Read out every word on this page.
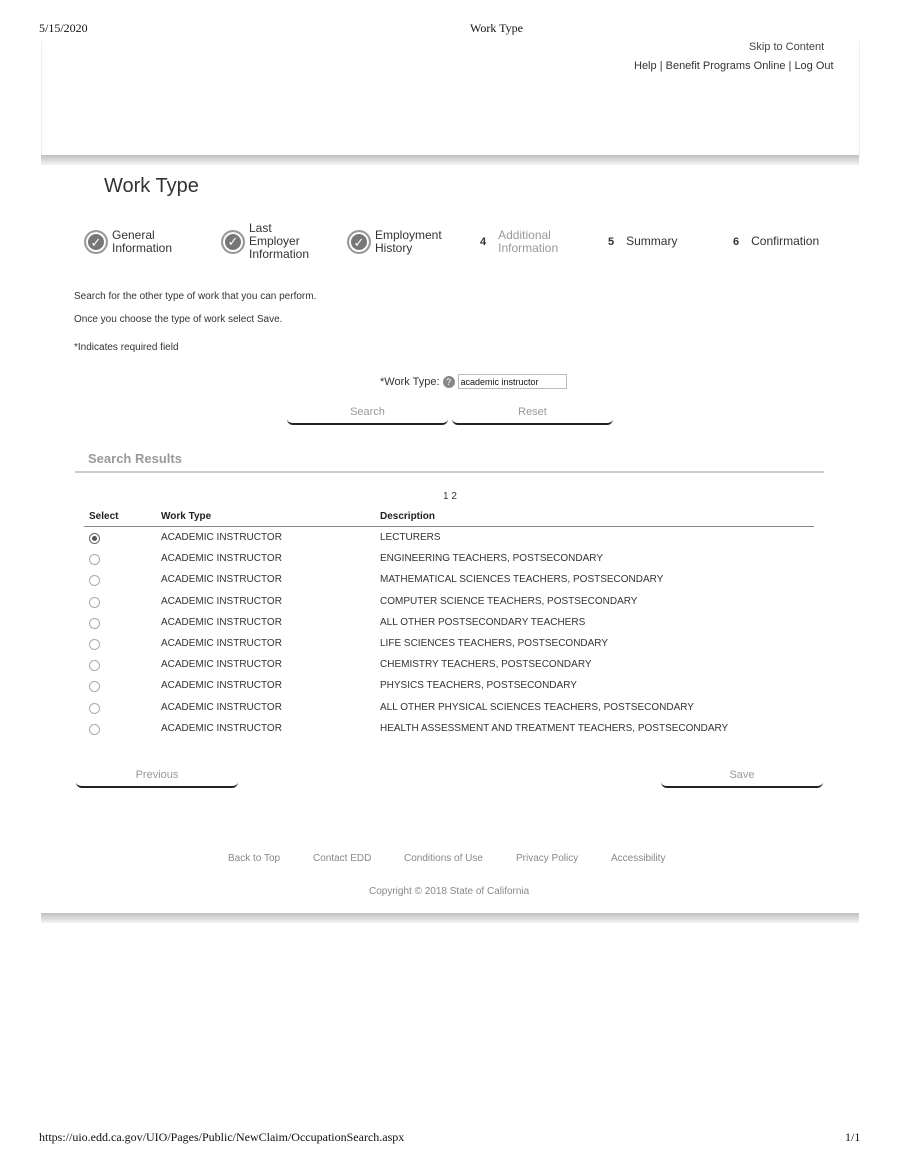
5/15/2020	Work Type
Skip to Content
Help | Benefit Programs Online | Log Out
Work Type
✓ General
Information	✓
Last
Employer
Information
✓ Employment
History	4 Additional
Information	5 Summary	6 Confirmation
Search for the other type of work that you can perform.
Once you choose the type of work select Save.
*Indicates required field
*Work Type: ?
academic instructor
Search	Reset
Search Results
1 2
Select	Work Type	Description
ACADEMIC INSTRUCTOR	LECTURERS
ACADEMIC INSTRUCTOR	ENGINEERING TEACHERS, POSTSECONDARY
ACADEMIC INSTRUCTOR	MATHEMATICAL SCIENCES TEACHERS, POSTSECONDARY
ACADEMIC INSTRUCTOR	COMPUTER SCIENCE TEACHERS, POSTSECONDARY
ACADEMIC INSTRUCTOR	ALL OTHER POSTSECONDARY TEACHERS
ACADEMIC INSTRUCTOR	LIFE SCIENCES TEACHERS, POSTSECONDARY
ACADEMIC INSTRUCTOR	CHEMISTRY TEACHERS, POSTSECONDARY
ACADEMIC INSTRUCTOR	PHYSICS TEACHERS, POSTSECONDARY
ACADEMIC INSTRUCTOR	ALL OTHER PHYSICAL SCIENCES TEACHERS, POSTSECONDARY
ACADEMIC INSTRUCTOR	HEALTH ASSESSMENT AND TREATMENT TEACHERS, POSTSECONDARY
Previous	Save
Back to Top	Contact EDD	Conditions of Use	Privacy Policy	Accessibility
Copyright © 2018 State of California
https://uio.edd.ca.gov/UIO/Pages/Public/NewClaim/OccupationSearch.aspx	1/1
